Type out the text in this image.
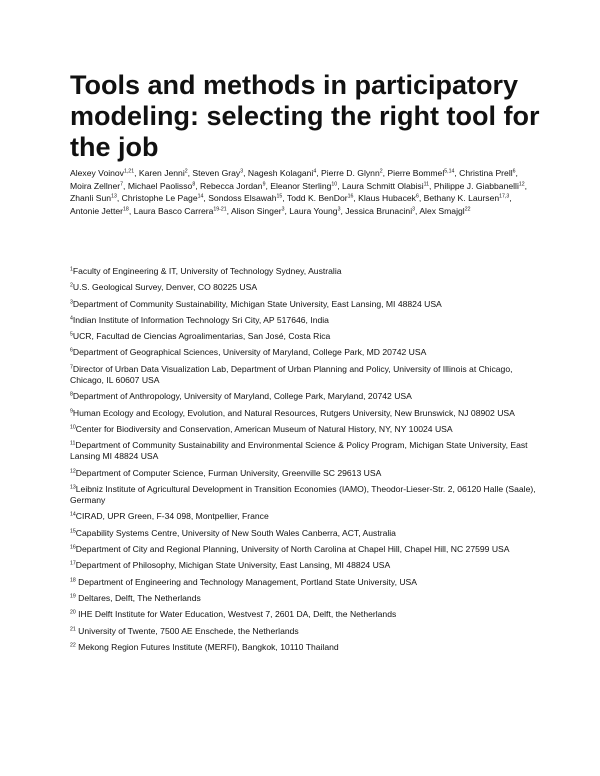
Tools and methods in participatory modeling: selecting the right tool for the job
Alexey Voinov$^{1,21}$, Karen Jenni$^2$, Steven Gray$^3$, Nagesh Kolagani$^4$, Pierre D. Glynn$^2$, Pierre Bommel$^{5,14}$, Christina Prell$^6$, Moira Zellner$^7$, Michael Paolisso$^8$, Rebecca Jordan$^9$, Eleanor Sterling$^{10}$, Laura Schmitt Olabisi$^{11}$, Philippe J. Giabbanelli$^{12}$, Zhanli Sun$^{13}$, Christophe Le Page$^{14}$, Sondoss Elsawah$^{15}$, Todd K. BenDor$^{16}$, Klaus Hubacek$^6$, Bethany K. Laursen$^{17,3}$, Antonie Jetter$^{18}$, Laura Basco Carrera$^{19-21}$, Alison Singer$^3$, Laura Young$^3$, Jessica Brunacini$^3$, Alex Smajgl$^{22}$

$^1$Faculty of Engineering & IT, University of Technology Sydney, Australia

$^2$U.S. Geological Survey, Denver, CO 80225 USA

$^3$Department of Community Sustainability, Michigan State University, East Lansing, MI 48824 USA

$^4$Indian Institute of Information Technology Sri City, AP 517646, India

$^5$UCR, Facultad de Ciencias Agroalimentarias, San José, Costa Rica

$^6$Department of Geographical Sciences, University of Maryland, College Park, MD 20742 USA

$^7$Director of Urban Data Visualization Lab, Department of Urban Planning and Policy, University of Illinois at Chicago, Chicago, IL 60607 USA

$^8$Department of Anthropology, University of Maryland, College Park, Maryland, 20742 USA

$^9$Human Ecology and Ecology, Evolution, and Natural Resources, Rutgers University, New Brunswick, NJ 08902 USA

$^{10}$Center for Biodiversity and Conservation, American Museum of Natural History, NY, NY 10024 USA

$^{11}$Department of Community Sustainability and Environmental Science & Policy Program, Michigan State University, East Lansing MI 48824 USA

$^{12}$Department of Computer Science, Furman University, Greenville SC 29613 USA

$^{13}$Leibniz Institute of Agricultural Development in Transition Economies (IAMO), Theodor-Lieser-Str. 2, 06120 Halle (Saale), Germany

$^{14}$CIRAD, UPR Green, F-34 098, Montpellier, France

$^{15}$Capability Systems Centre, University of New South Wales Canberra, ACT, Australia

$^{16}$Department of City and Regional Planning, University of North Carolina at Chapel Hill, Chapel Hill, NC 27599 USA

$^{17}$Department of Philosophy, Michigan State University, East Lansing, MI 48824 USA

$^{18}$ Department of Engineering and Technology Management, Portland State University, USA

$^{19}$ Deltares, Delft, The Netherlands

$^{20}$ IHE Delft Institute for Water Education, Westvest 7, 2601 DA, Delft, the Netherlands

$^{21}$ University of Twente, 7500 AE Enschede, the Netherlands

$^{22}$ Mekong Region Futures Institute (MERFI), Bangkok, 10110 Thailand
